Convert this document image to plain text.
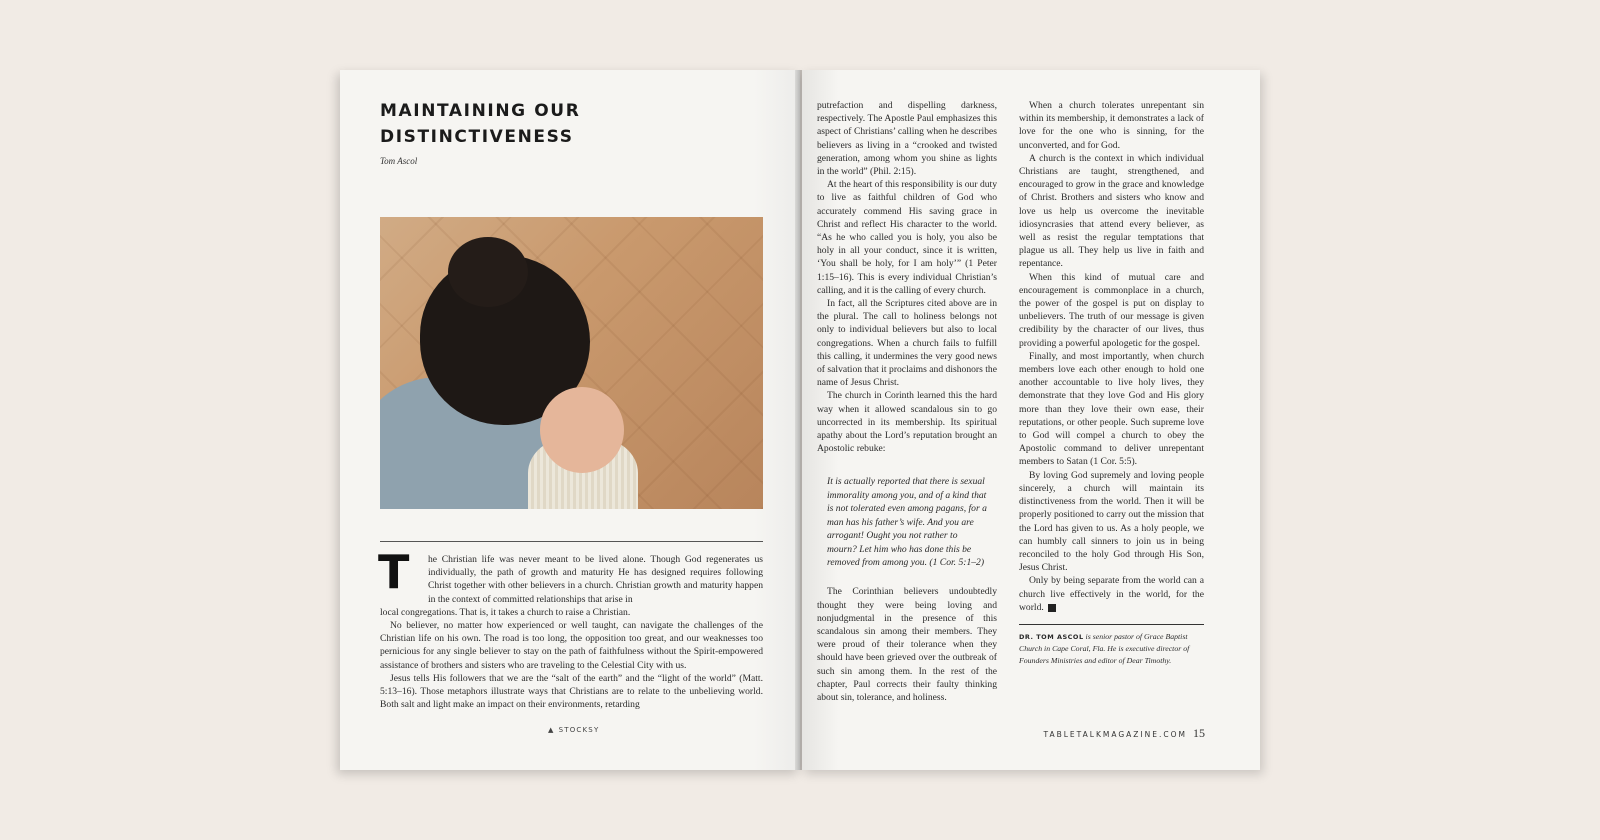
MAINTAINING OUR
DISTINCTIVENESS
Tom Ascol
T	he Christian life was never meant to be lived alone. Though God regenerates us individually, the path of growth and maturity He has designed requires following Christ together with other believers in a church. Christian growth and maturity happen in the context of committed relationships that arise in

local congregations. That is, it takes a church to raise a Christian.

No believer, no matter how experienced or well taught, can navigate the challenges of the Christian life on his own. The road is too long, the opposition too great, and our weaknesses too pernicious for any single believer to stay on the path of faithfulness without the Spirit-empowered assistance of brothers and sisters who are traveling to the Celestial City with us.

Jesus tells His followers that we are the “salt of the earth” and the “light of the world” (Matt. 5:13–16). Those metaphors illustrate ways that Christians are to relate to the unbelieving world. Both salt and light make an impact on their environments, retarding

▲ STOCKSY

putrefaction and dispelling darkness, respectively. The Apostle Paul emphasizes this aspect of Christians’ calling when he describes believers as living in a “crooked and twisted generation, among whom you shine as lights in the world” (Phil. 2:15).

At the heart of this responsibility is our duty to live as faithful children of God who accurately commend His saving grace in Christ and reflect His character to the world. “As he who called you is holy, you also be holy in all your conduct, since it is written, ‘You shall be holy, for I am holy’” (1 Peter 1:15–16). This is every individual Christian’s calling, and it is the calling of every church.

In fact, all the Scriptures cited above are in the plural. The call to holiness belongs not only to individual believers but also to local congregations. When a church fails to fulfill this calling, it undermines the very good news of salvation that it proclaims and dishonors the name of Jesus Christ.

The church in Corinth learned this the hard way when it allowed scandalous sin to go uncorrected in its membership. Its spiritual apathy about the Lord’s reputation brought an Apostolic rebuke:

It is actually reported that there is sexual immorality among you, and of a kind that is not tolerated even among pagans, for a man has his father’s wife. And you are arrogant! Ought you not rather to mourn? Let him who has done this be removed from among you. (1 Cor. 5:1–2)

The Corinthian believers undoubtedly thought they were being loving and nonjudgmental in the presence of this scandalous sin among their members. They were proud of their tolerance when they should have been grieved over the outbreak of such sin among them. In the rest of the chapter, Paul corrects their faulty thinking about sin, tolerance, and holiness.

When a church tolerates unrepentant sin within its membership, it demonstrates a lack of love for the one who is sinning, for the unconverted, and for God.

A church is the context in which individual Christians are taught, strengthened, and encouraged to grow in the grace and knowledge of Christ. Brothers and sisters who know and love us help us overcome the inevitable idiosyncrasies that attend every believer, as well as resist the regular temptations that plague us all. They help us live in faith and repentance.

When this kind of mutual care and encouragement is commonplace in a church, the power of the gospel is put on display to unbelievers. The truth of our message is given credibility by the character of our lives, thus providing a powerful apologetic for the gospel.

Finally, and most importantly, when church members love each other enough to hold one another accountable to live holy lives, they demonstrate that they love God and His glory more than they love their own ease, their reputations, or other people. Such supreme love to God will compel a church to obey the Apostolic command to deliver unrepentant members to Satan (1 Cor. 5:5).

By loving God supremely and loving people sincerely, a church will maintain its distinctiveness from the world. Then it will be properly positioned to carry out the mission that the Lord has given to us. As a holy people, we can humbly call sinners to join us in being reconciled to the holy God through His Son, Jesus Christ.

Only by being separate from the world can a church live effectively in the world, for the world.

DR. TOM ASCOL is senior pastor of Grace Baptist Church in Cape Coral, Fla. He is executive director of Founders Ministries and editor of Dear Timothy.

TABLETALKMAGAZINE.COM 15
